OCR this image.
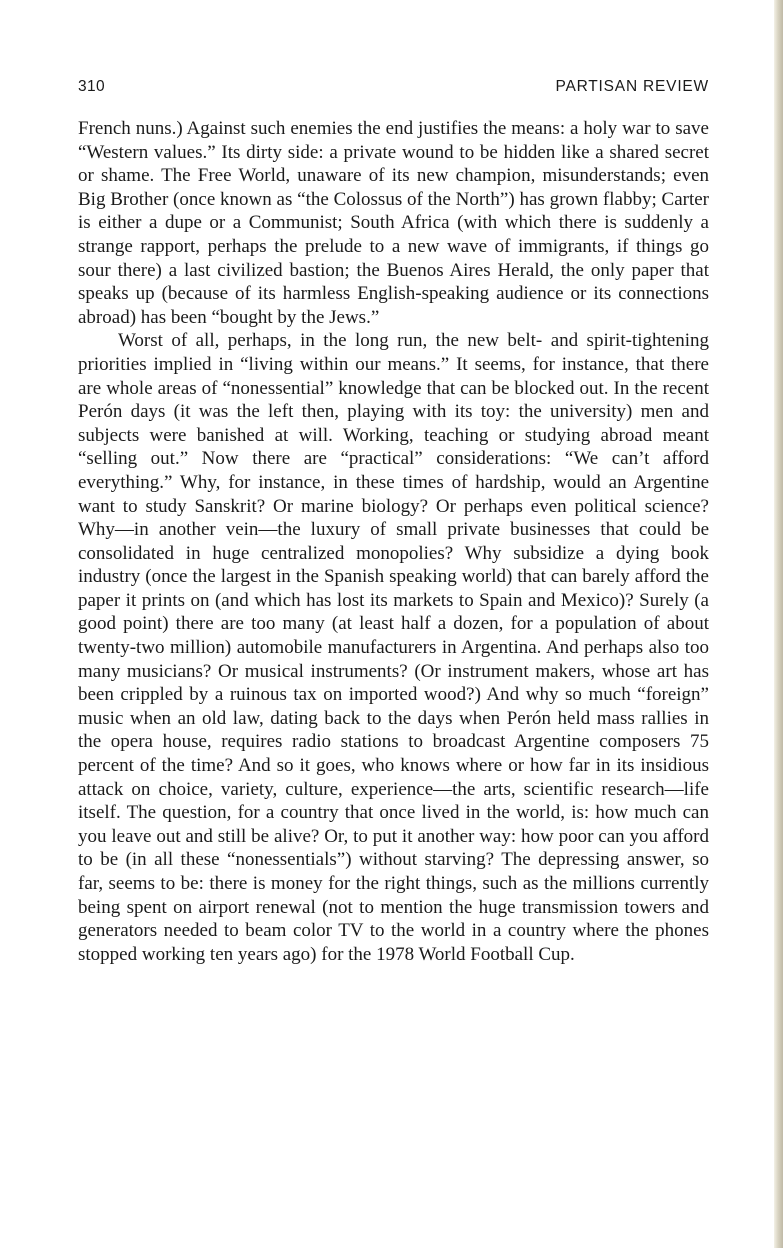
310	PARTISAN REVIEW

French nuns.) Against such enemies the end justifies the means: a holy war to save “Western values.” Its dirty side: a private wound to be hidden like a shared secret or shame. The Free World, unaware of its new champion, misunderstands; even Big Brother (once known as “the Colossus of the North”) has grown flabby; Carter is either a dupe or a Communist; South Africa (with which there is suddenly a strange rapport, perhaps the prelude to a new wave of immigrants, if things go sour there) a last civilized bastion; the Buenos Aires Herald, the only paper that speaks up (because of its harmless English-speaking audience or its connections abroad) has been “bought by the Jews.”

Worst of all, perhaps, in the long run, the new belt- and spirit-tightening priorities implied in “living within our means.” It seems, for instance, that there are whole areas of “nonessential” knowledge that can be blocked out. In the recent Perón days (it was the left then, playing with its toy: the university) men and subjects were banished at will. Working, teaching or studying abroad meant “selling out.” Now there are “practical” considerations: “We can’t afford everything.” Why, for instance, in these times of hardship, would an Argentine want to study Sanskrit? Or marine biology? Or perhaps even political science? Why—in another vein—the luxury of small private businesses that could be consolidated in huge centralized monopolies? Why subsidize a dying book industry (once the largest in the Spanish speaking world) that can barely afford the paper it prints on (and which has lost its markets to Spain and Mexico)? Surely (a good point) there are too many (at least half a dozen, for a population of about twenty-two million) automobile manufacturers in Argentina. And perhaps also too many musicians? Or musical instruments? (Or instrument makers, whose art has been crippled by a ruinous tax on imported wood?) And why so much “foreign” music when an old law, dating back to the days when Perón held mass rallies in the opera house, requires radio stations to broadcast Argentine composers 75 percent of the time? And so it goes, who knows where or how far in its insidious attack on choice, variety, culture, experience—the arts, scientific research—life itself. The question, for a country that once lived in the world, is: how much can you leave out and still be alive? Or, to put it another way: how poor can you afford to be (in all these “nonessentials”) without starving? The depressing answer, so far, seems to be: there is money for the right things, such as the millions currently being spent on airport renewal (not to mention the huge transmission towers and generators needed to beam color TV to the world in a country where the phones stopped working ten years ago) for the 1978 World Football Cup.
